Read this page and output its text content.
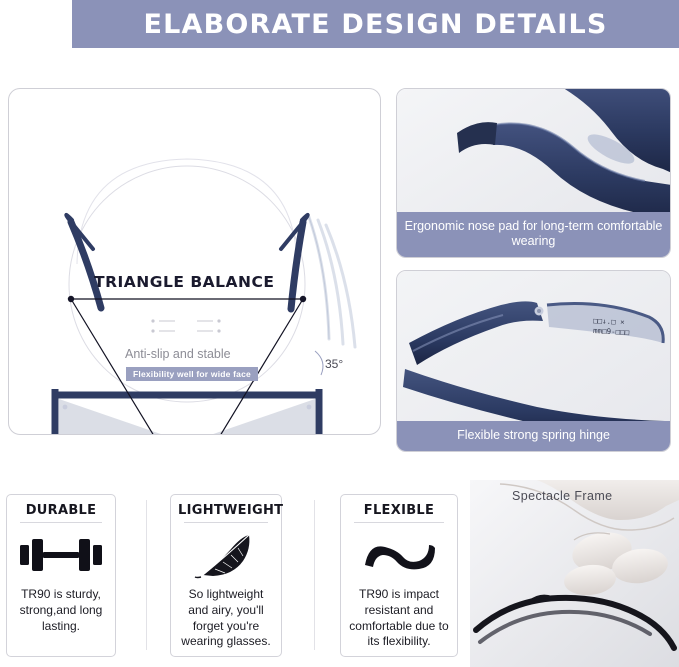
ELABORATE DESIGN DETAILS
TRIANGLE BALANCE
Anti-slip and stable
Flexibility well for wide face
35°
Ergonomic nose pad for long-term comfortable wearing
□□↓.□ ×
mm□9-□□□
Flexible strong spring hinge
DURABLE
TR90 is sturdy, strong,and long lasting.
LIGHTWEIGHT
So lightweight and airy, you'll forget you're wearing glasses.
FLEXIBLE
TR90 is impact resistant and comfortable due to its flexibility.
Spectacle Frame
